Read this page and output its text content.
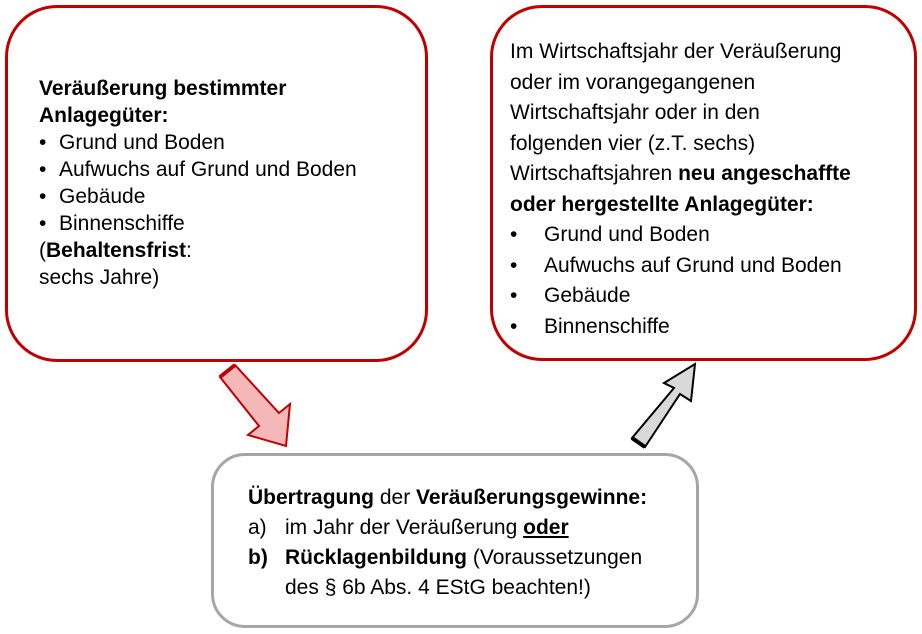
Veräußerung bestimmter
Anlagegüter:
• Grund und Boden
• Aufwuchs auf Grund und Boden
• Gebäude
• Binnenschiffe
(Behaltensfrist:
sechs Jahre)
Im Wirtschaftsjahr der Veräußerung
oder im vorangegangenen
Wirtschaftsjahr oder in den
folgenden vier (z.T. sechs)
Wirtschaftsjahren neu angeschaffte
oder hergestellte Anlagegüter:
• Grund und Boden
• Aufwuchs auf Grund und Boden
• Gebäude
• Binnenschiffe
Übertragung der Veräußerungsgewinne:
a) im Jahr der Veräußerung oder
b) Rücklagenbildung (Voraussetzungen
des § 6b Abs. 4 EStG beachten!)
